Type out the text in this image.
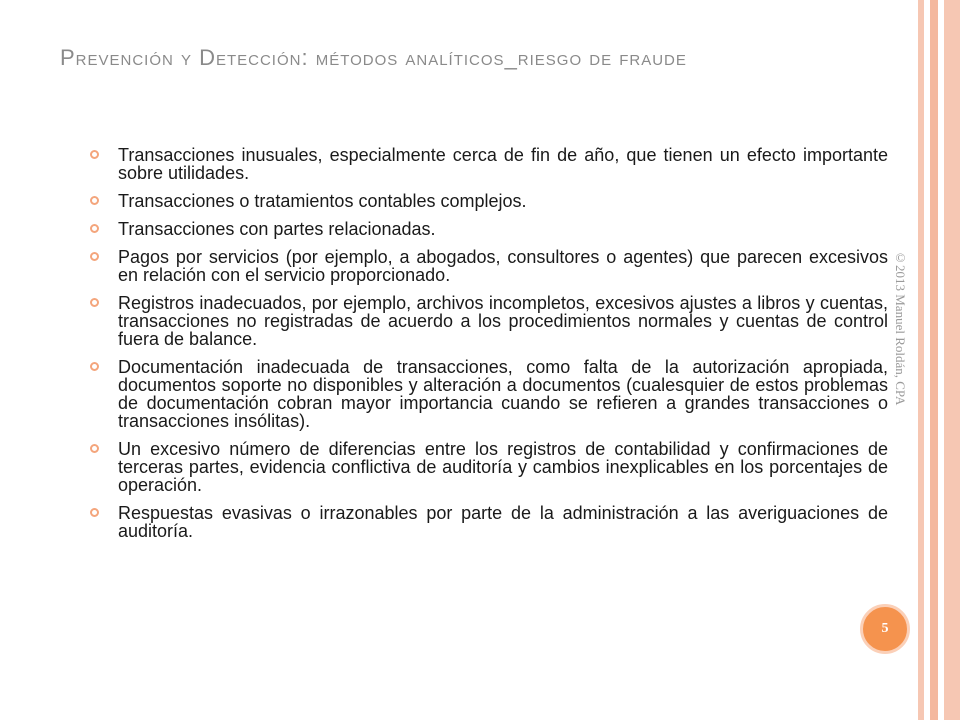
Prevención y Detección: métodos analíticos_riesgo de fraude
Transacciones inusuales, especialmente cerca de fin de año, que tienen un efecto importante sobre utilidades.
Transacciones o tratamientos contables complejos.
Transacciones con partes relacionadas.
Pagos por servicios (por ejemplo, a abogados, consultores o agentes) que parecen excesivos en relación con el servicio proporcionado.
Registros inadecuados, por ejemplo, archivos incompletos, excesivos ajustes a libros y cuentas, transacciones no registradas de acuerdo a los procedimientos normales y cuentas de control fuera de balance.
Documentación inadecuada de transacciones, como falta de la autorización apropiada, documentos soporte no disponibles y alteración a documentos (cualesquier de estos problemas de documentación cobran mayor importancia cuando se refieren a grandes transacciones o transacciones insólitas).
Un excesivo número de diferencias entre los registros de contabilidad y confirmaciones de terceras partes, evidencia conflictiva de auditoría y cambios inexplicables en los porcentajes de operación.
Respuestas evasivas o irrazonables por parte de la administración a las averiguaciones de auditoría.
©2013 Manuel Roldán, CPA
5
